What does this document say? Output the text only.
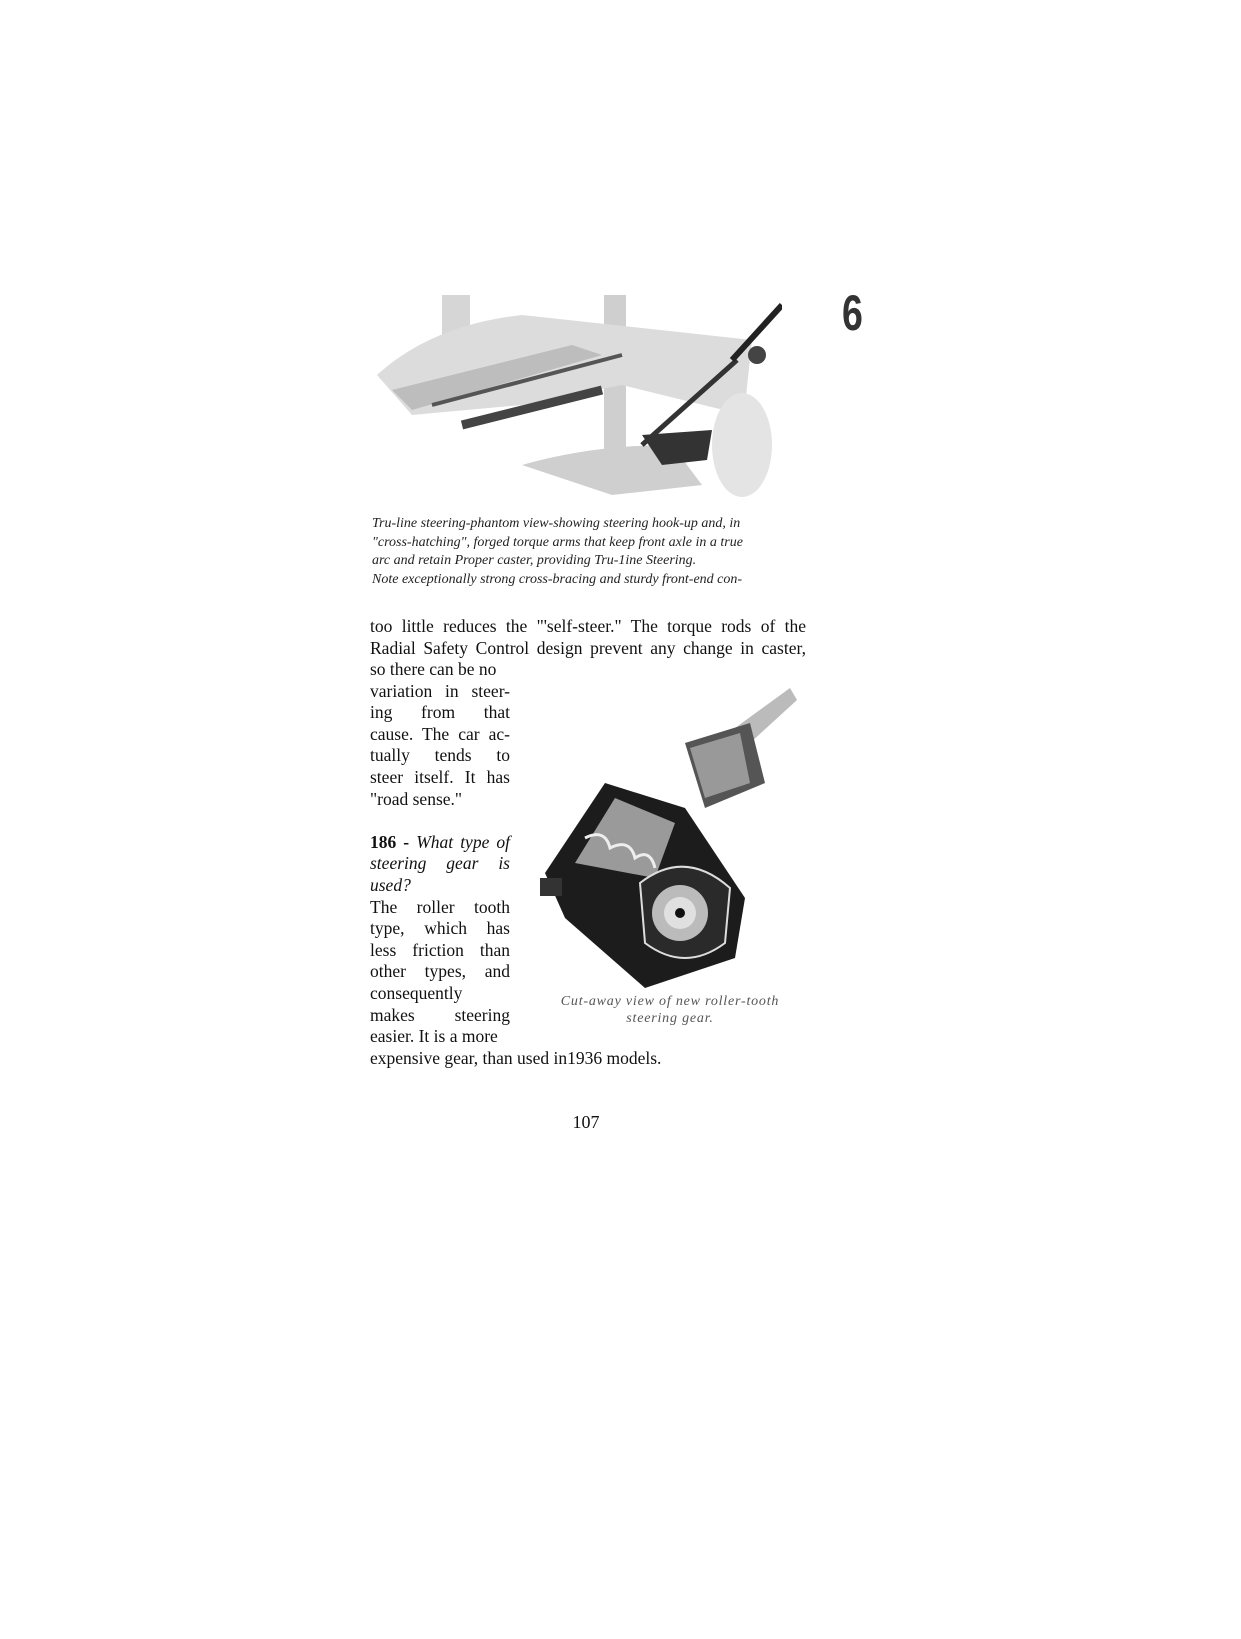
6
Tru-line steering-phantom view-showing steering hook-up and, in
"cross-hatching", forged torque arms that keep front axle in a true
arc and retain Proper caster, providing Tru-1ine Steering.
Note exceptionally strong cross-bracing and sturdy front-end con-
too little reduces the "'self-steer." The torque rods of the
Radial Safety Control design prevent any change in caster,
so there can be no
variation in steer-
ing from that
cause. The car ac-
tually tends to
steer itself. It has
"road sense."
186 - What type of
steering gear is
used?
The roller tooth
type, which has
less friction than
other types, and
consequently
makes steering
easier. It is a more
expensive gear, than used in1936 models.
Cut-away view of new roller-tooth
steering gear.
107
